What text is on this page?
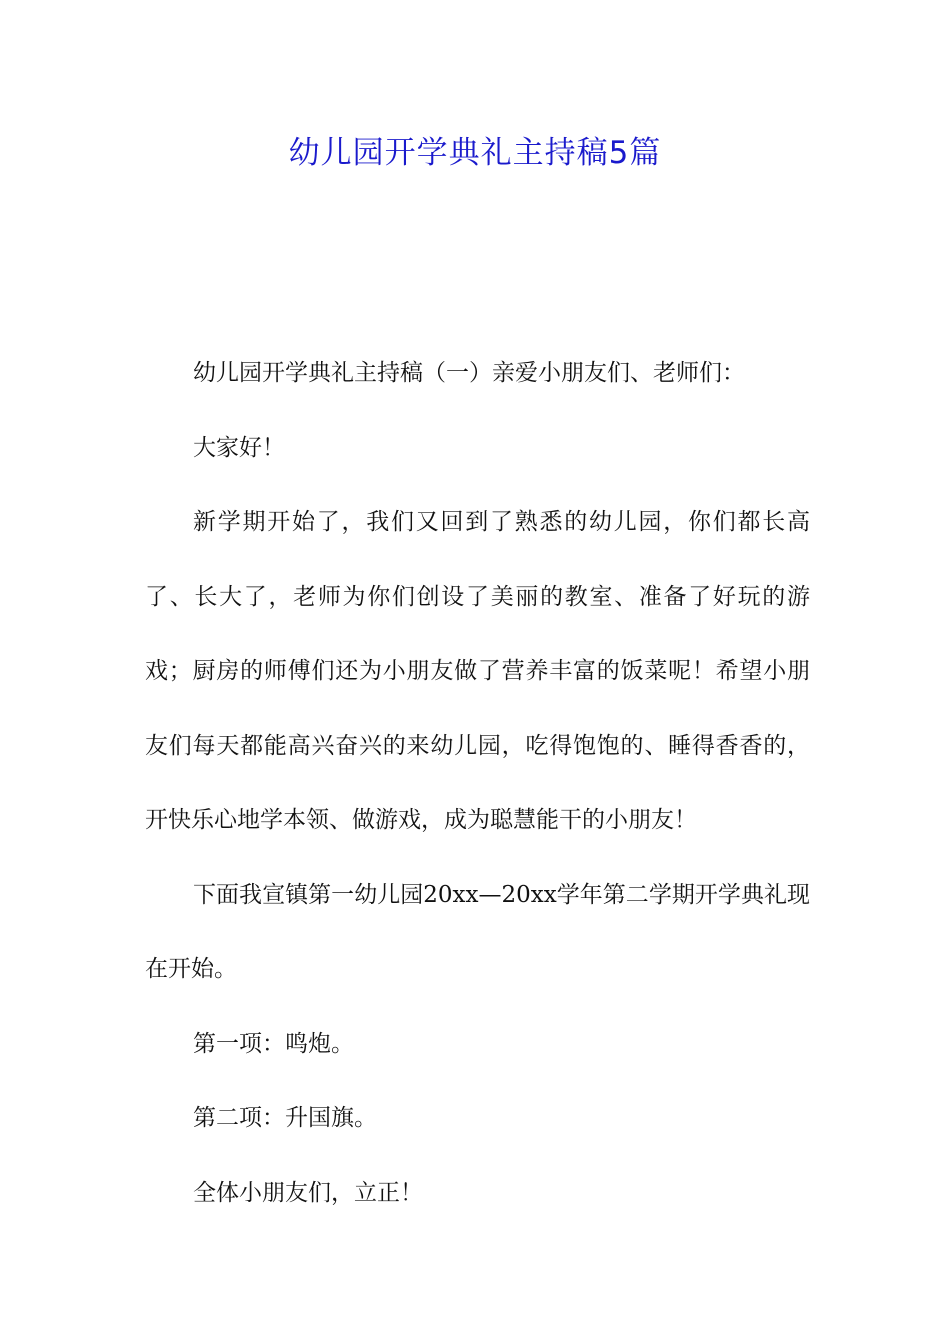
幼儿园开学典礼主持稿5篇

幼儿园开学典礼主持稿（一）亲爱小朋友们、老师们：

大家好！

新学期开始了，我们又回到了熟悉的幼儿园，你们都长高了、长大了，老师为你们创设了美丽的教室、准备了好玩的游戏；厨房的师傅们还为小朋友做了营养丰富的饭菜呢！希望小朋友们每天都能高兴奋兴的来幼儿园，吃得饱饱的、睡得香香的，开快乐心地学本领、做游戏，成为聪慧能干的小朋友！

下面我宣镇第一幼儿园20xx—20xx学年第二学期开学典礼现在开始。

第一项：鸣炮。

第二项：升国旗。

全体小朋友们，立正！
